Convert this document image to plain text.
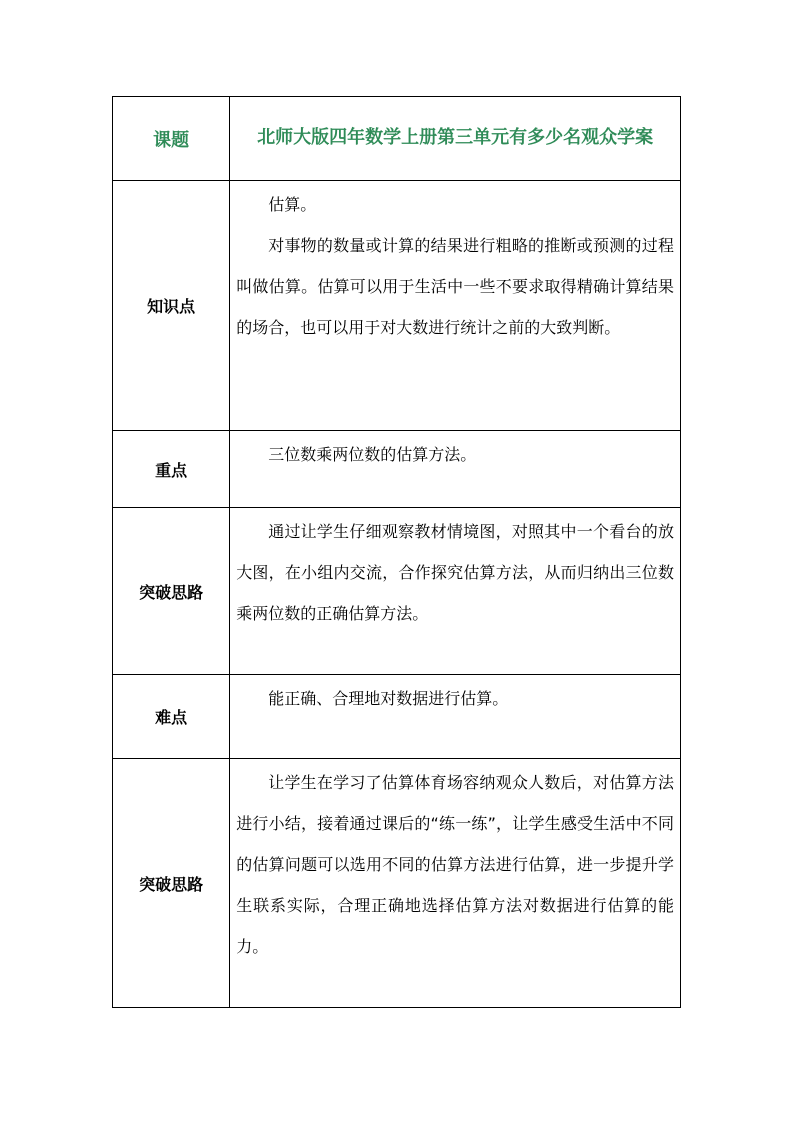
课题	北师大版四年数学上册第三单元有多少名观众学案
知识点	估算。

对事物的数量或计算的结果进行粗略的推断或预测的过程叫做估算。估算可以用于生活中一些不要求取得精确计算结果的场合，也可以用于对大数进行统计之前的大致判断。

重点	三位数乘两位数的估算方法。

突破思路	通过让学生仔细观察教材情境图，对照其中一个看台的放大图，在小组内交流，合作探究估算方法，从而归纳出三位数乘两位数的正确估算方法。

难点	能正确、合理地对数据进行估算。

突破思路	让学生在学习了估算体育场容纳观众人数后，对估算方法进行小结，接着通过课后的“练一练”，让学生感受生活中不同的估算问题可以选用不同的估算方法进行估算，进一步提升学生联系实际，合理正确地选择估算方法对数据进行估算的能力。
